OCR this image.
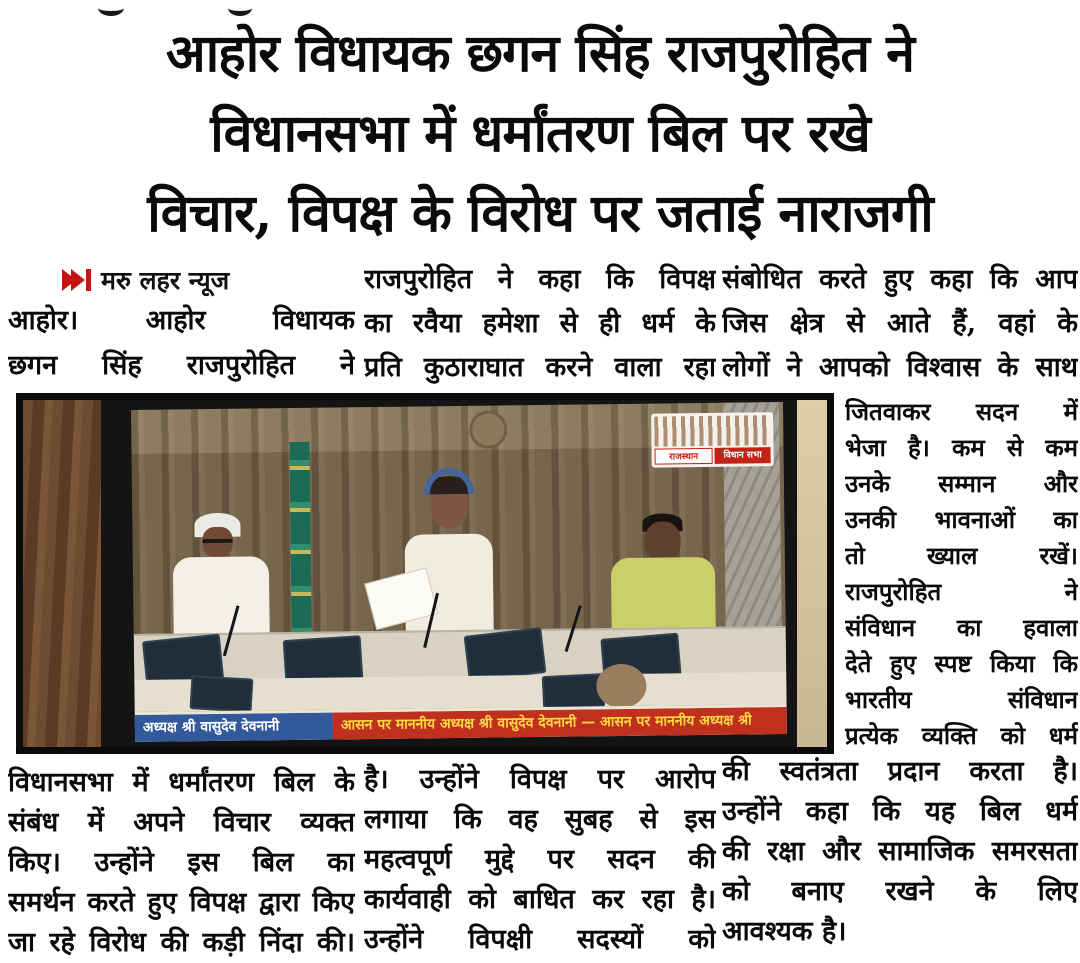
आहोर विधायक छगन सिंह राजपुरोहित ने
विधानसभा में धर्मांतरण बिल पर रखे
विचार, विपक्ष के विरोध पर जताई नाराजगी
मरु लहर न्यूज
आहोर। आहोर विधायक
छगन सिंह राजपुरोहित ने
राजपुरोहित ने कहा कि विपक्ष
का रवैया हमेशा से ही धर्म के
प्रति कुठाराघात करने वाला रहा
संबोधित करते हुए कहा कि आप
जिस क्षेत्र से आते हैं, वहां के
लोगों ने आपको विश्वास के साथ
जितवाकर सदन में
भेजा है। कम से कम
उनके सम्मान और
उनकी भावनाओं का
तो ख्याल रखें।
राजपुरोहित ने
संविधान का हवाला
देते हुए स्पष्ट किया कि
भारतीय संविधान
प्रत्येक व्यक्ति को धर्म
राजस्थान	विधान सभा
अध्यक्ष श्री वासुदेव देवनानी	आसन पर माननीय अध्यक्ष श्री वासुदेव देवनानी — आसन पर माननीय अध्यक्ष श्री
विधानसभा में धर्मांतरण बिल के
संबंध में अपने विचार व्यक्त
किए। उन्होंने इस बिल का
समर्थन करते हुए विपक्ष द्वारा किए
जा रहे विरोध की कड़ी निंदा की।
है। उन्होंने विपक्ष पर आरोप
लगाया कि वह सुबह से इस
महत्वपूर्ण मुद्दे पर सदन की
कार्यवाही को बाधित कर रहा है।
उन्होंने विपक्षी सदस्यों को
की स्वतंत्रता प्रदान करता है।
उन्होंने कहा कि यह बिल धर्म
की रक्षा और सामाजिक समरसता
को बनाए रखने के लिए
आवश्यक है।
